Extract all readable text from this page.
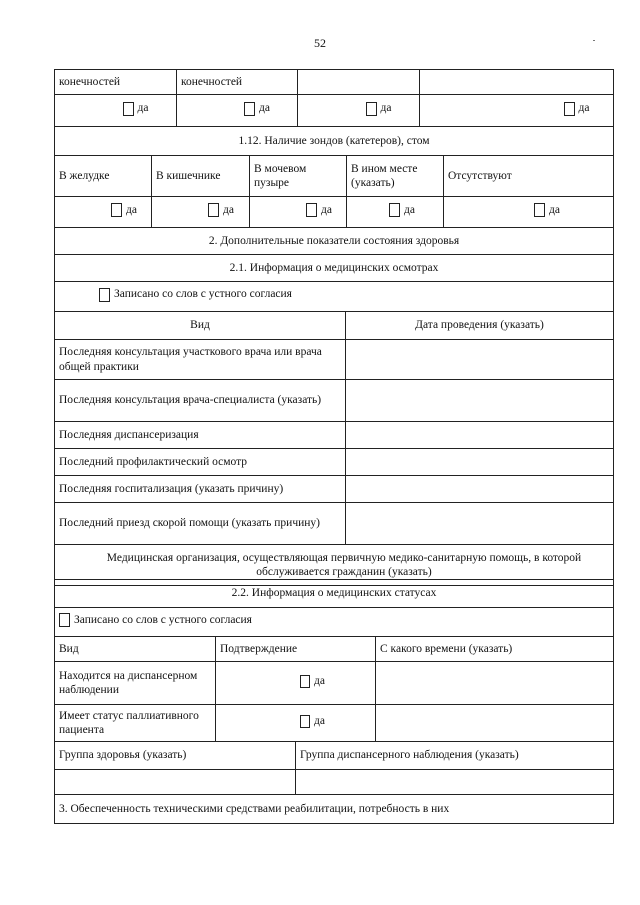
52
конечностей	конечностей		

да	да	да	да
1.12. Наличие зондов (катетеров), стом				
В желудке	В кишечнике	В мочевом пузыре	В ином месте (указать)	Отсутствуют

да	да	да	да	да
2. Дополнительные показатели состояния здоровья	
2.1. Информация о медицинских осмотрах	

Записано со слов с устного согласия	

Вид	Дата проведения (указать)
Последняя консультация участкового врача или врача общей практики	
Последняя консультация врача-специалиста (указать)	
Последняя диспансеризация	
Последний профилактический осмотр	
Последняя госпитализация (указать причину)	
Последний приезд скорой помощи (указать причину)	
Медицинская организация, осуществляющая первичную медико-санитарную помощь, в которой обслуживается гражданин (указать)	
2.2. Информация о медицинских статусах			

Записано со слов с устного согласия			

Вид	Подтверждение		С какого времени (указать)
Находится на диспансерном наблюдении	да		

Имеет статус паллиативного пациента	да		

Группа здоровья (указать)		Группа диспансерного наблюдения (указать)	

3. Обеспеченность техническими средствами реабилитации, потребность в них			
